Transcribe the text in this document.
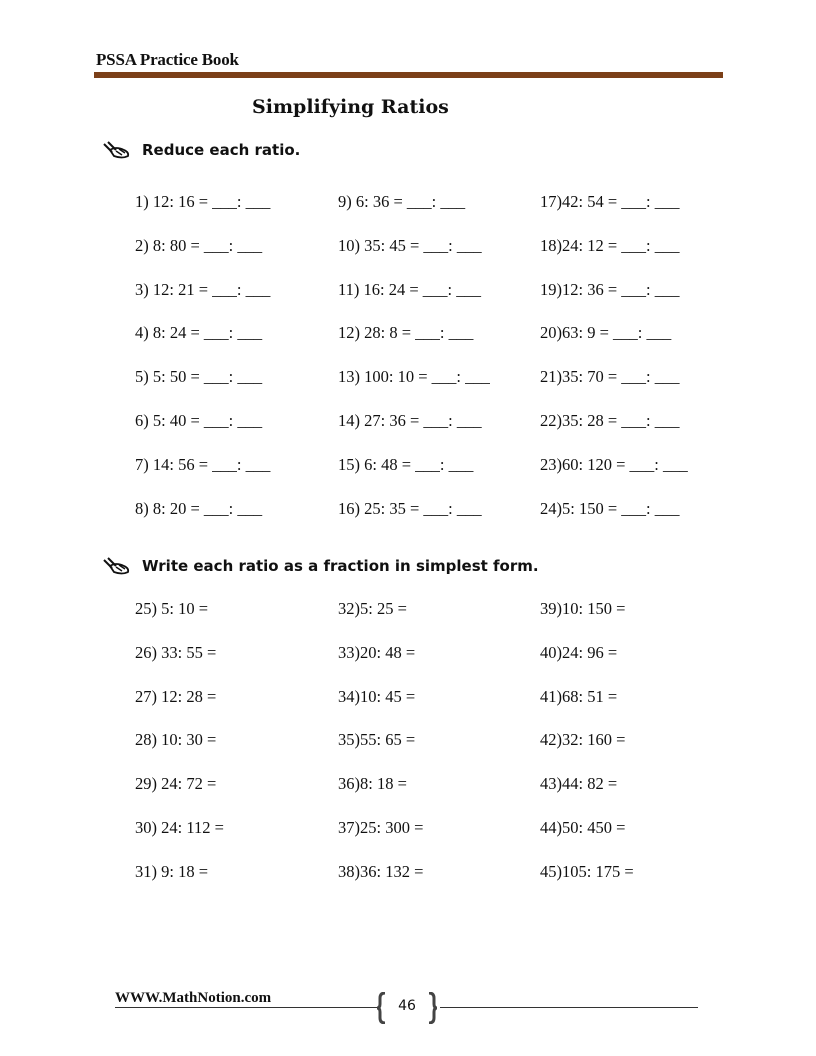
PSSA Practice Book
Simplifying Ratios
Reduce each ratio.
1) 12: 16 = ___: ___
2) 8: 80 = ___: ___
3) 12: 21 = ___: ___
4) 8: 24 = ___: ___
5) 5: 50 = ___: ___
6) 5: 40 = ___: ___
7) 14: 56 = ___: ___
8) 8: 20 = ___: ___
9) 6: 36 = ___: ___
10) 35: 45 = ___: ___
11) 16: 24 = ___: ___
12) 28: 8 = ___: ___
13) 100: 10 = ___: ___
14) 27: 36 = ___: ___
15) 6: 48 = ___: ___
16) 25: 35 = ___: ___
17)42: 54 = ___: ___
18)24: 12 = ___: ___
19)12: 36 = ___: ___
20)63: 9 = ___: ___
21)35: 70 = ___: ___
22)35: 28 = ___: ___
23)60: 120 = ___: ___
24)5: 150 = ___: ___
Write each ratio as a fraction in simplest form.
25) 5: 10 =
26) 33: 55 =
27) 12: 28 =
28) 10: 30 =
29) 24: 72 =
30) 24: 112 =
31) 9: 18 =
32)5: 25 =
33)20: 48 =
34)10: 45 =
35)55: 65 =
36)8: 18 =
37)25: 300 =
38)36: 132 =
39)10: 150 =
40)24: 96 =
41)68: 51 =
42)32: 160 =
43)44: 82 =
44)50: 450 =
45)105: 175 =
WWW.MathNotion.com	46
